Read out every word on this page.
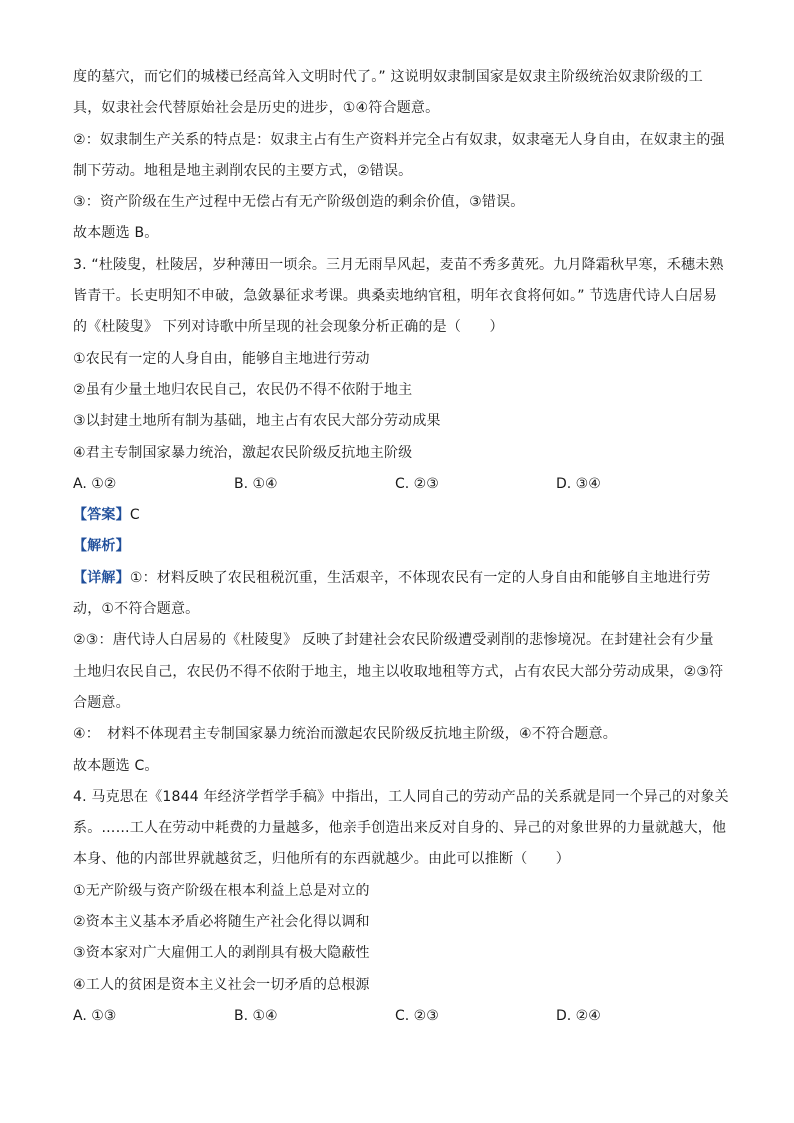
度的墓穴，而它们的城楼已经高耸入文明时代了。” 这说明奴隶制国家是奴隶主阶级统治奴隶阶级的工
具，奴隶社会代替原始社会是历史的进步，①④符合题意。
②：奴隶制生产关系的特点是：奴隶主占有生产资料并完全占有奴隶，奴隶毫无人身自由，在奴隶主的强
制下劳动。地租是地主剥削农民的主要方式，②错误。
③：资产阶级在生产过程中无偿占有无产阶级创造的剩余价值，③错误。
故本题选 B。
3. “杜陵叟，杜陵居，岁种薄田一顷余。三月无雨旱风起，麦苗不秀多黄死。九月降霜秋早寒，禾穗未熟
皆青干。长吏明知不申破，急敛暴征求考课。典桑卖地纳官租，明年衣食将何如。” 节选唐代诗人白居易
的《杜陵叟》 下列对诗歌中所呈现的社会现象分析正确的是（　　）
①农民有一定的人身自由，能够自主地进行劳动
②虽有少量土地归农民自己，农民仍不得不依附于地主
③以封建土地所有制为基础，地主占有农民大部分劳动成果
④君主专制国家暴力统治，激起农民阶级反抗地主阶级
A. ①②	B. ①④	C. ②③	D. ③④
【答案】C
【解析】
【详解】①：材料反映了农民租税沉重，生活艰辛，不体现农民有一定的人身自由和能够自主地进行劳
动，①不符合题意。
②③：唐代诗人白居易的《杜陵叟》 反映了封建社会农民阶级遭受剥削的悲惨境况。在封建社会有少量
土地归农民自己，农民仍不得不依附于地主，地主以收取地租等方式，占有农民大部分劳动成果，②③符
合题意。
④：　材料不体现君主专制国家暴力统治而激起农民阶级反抗地主阶级，④不符合题意。
故本题选 C。
4. 马克思在《1844 年经济学哲学手稿》中指出，工人同自己的劳动产品的关系就是同一个异己的对象关
系。……工人在劳动中耗费的力量越多，他亲手创造出来反对自身的、异己的对象世界的力量就越大，他
本身、他的内部世界就越贫乏，归他所有的东西就越少。由此可以推断（　　）
①无产阶级与资产阶级在根本利益上总是对立的
②资本主义基本矛盾必将随生产社会化得以调和
③资本家对广大雇佣工人的剥削具有极大隐蔽性
④工人的贫困是资本主义社会一切矛盾的总根源
A. ①③	B. ①④	C. ②③	D. ②④
